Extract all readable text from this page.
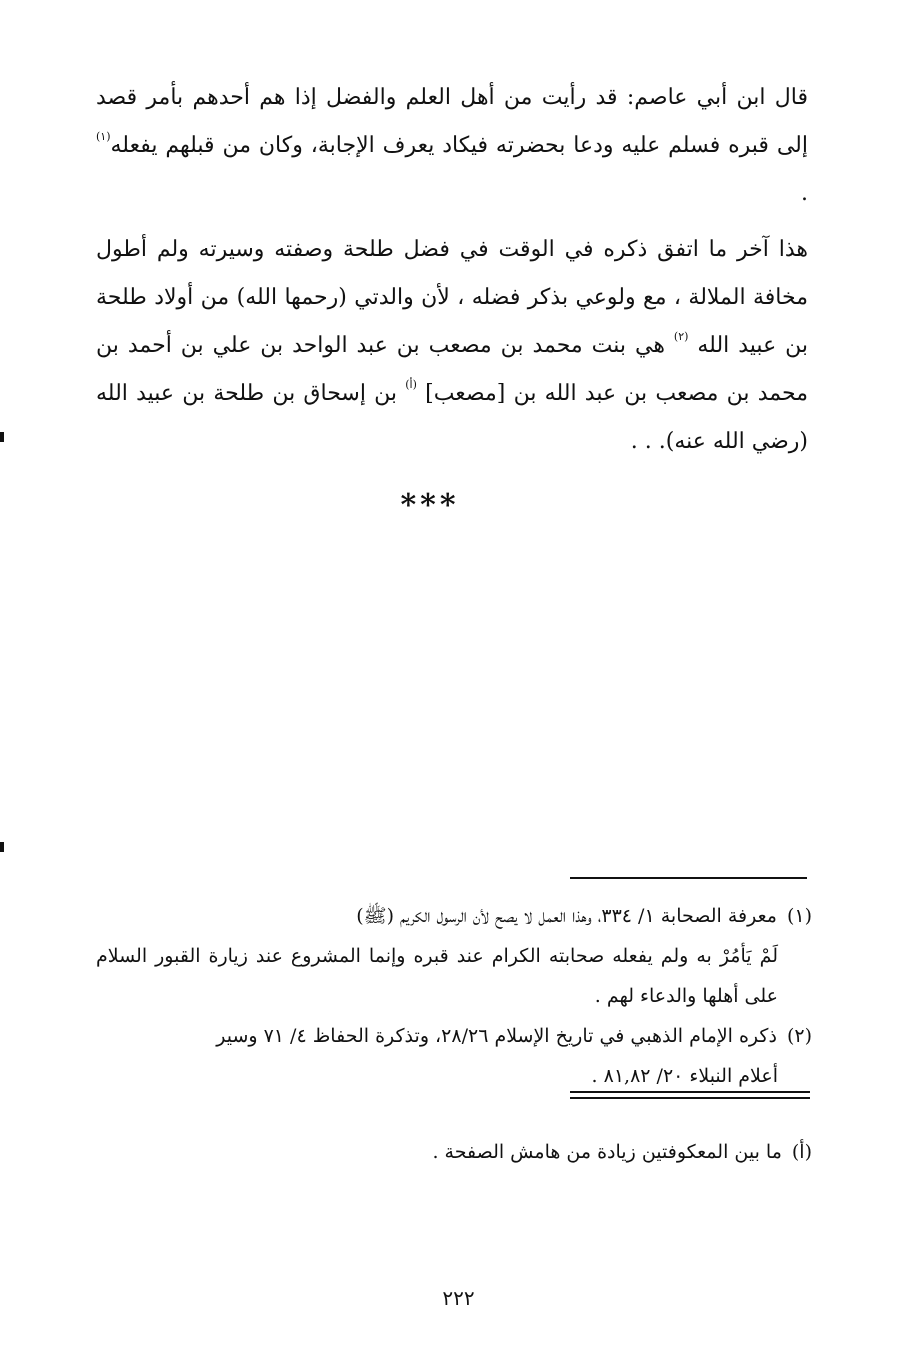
قال ابن أبي عاصم: قد رأيت من أهل العلم والفضل إذا هم أحدهم بأمر قصد إلى قبره فسلم عليه ودعا بحضرته فيكاد يعرف الإجابة، وكان من قبلهم يفعله$^{(١)}$ .

هذا آخر ما اتفق ذكره في الوقت في فضل طلحة وصفته وسيرته ولم أطول مخافة الملالة ، مع ولوعي بذكر فضله ، لأن والدتي (رحمها الله) من أولاد طلحة بن عبيد الله $^{(٢)}$ هي بنت محمد بن مصعب بن عبد الواحد بن علي بن أحمد بن محمد بن مصعب بن عبد الله بن [مصعب] $^{(أ)}$ بن إسحاق بن طلحة بن عبيد الله (رضي الله عنه). . .

***

(١)معرفة الصحابة ١/ ٣٣٤، وهذا العمل لا يصح لأن الرسول الكريم (ﷺ)
لَمْ يَأمُرْ به ولم يفعله صحابته الكرام عند قبره وإنما المشروع عند زيارة القبور السلام على أهلها والدعاء لهم .

(٢)ذكره الإمام الذهبي في تاريخ الإسلام ٢٨/٢٦، وتذكرة الحفاظ ٤/ ٧١ وسير
أعلام النبلاء ٢٠/ ٨١,٨٢ .

(أ)ما بين المعكوفتين زيادة من هامش الصفحة .

٢٢٢
